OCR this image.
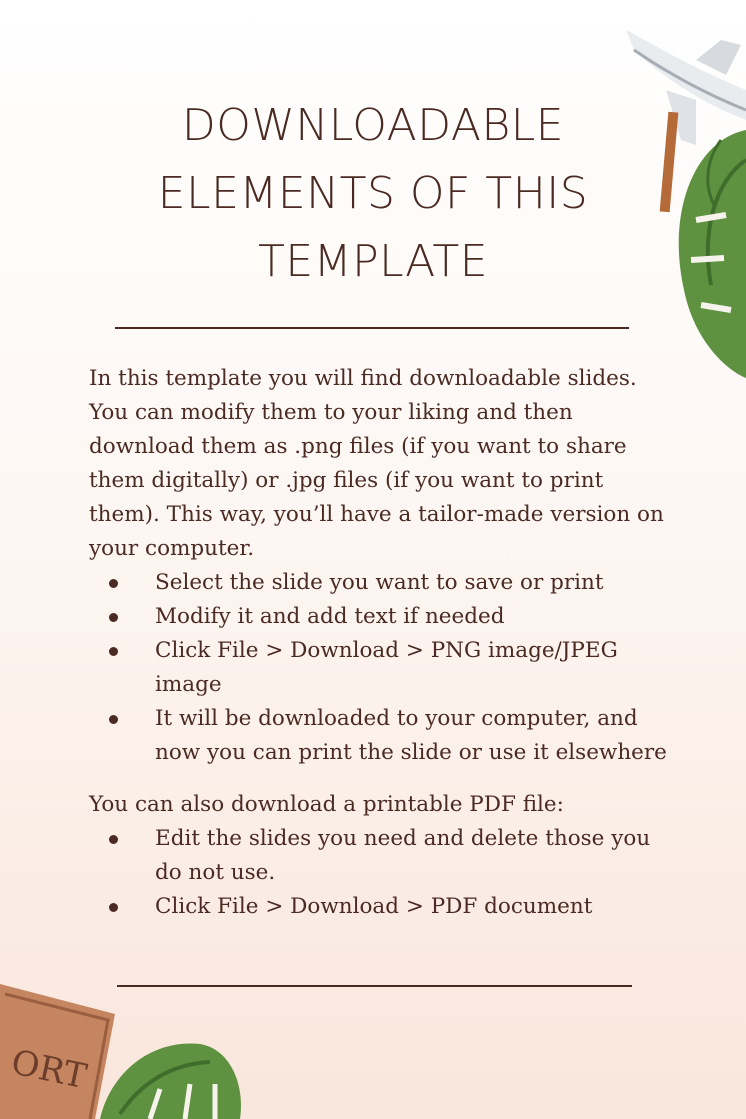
ORT
DOWNLOADABLE ELEMENTS OF THIS TEMPLATE

In this template you will find downloadable slides. You can modify them to your liking and then download them as .png files (if you want to share them digitally) or .jpg files (if you want to print them). This way, you’ll have a tailor-made version on your computer.

Select the slide you want to save or print
Modify it and add text if needed
Click File > Download > PNG image/JPEG image
It will be downloaded to your computer, and now you can print the slide or use it elsewhere

You can also download a printable PDF file:

Edit the slides you need and delete those you do not use.
Click File > Download > PDF document
